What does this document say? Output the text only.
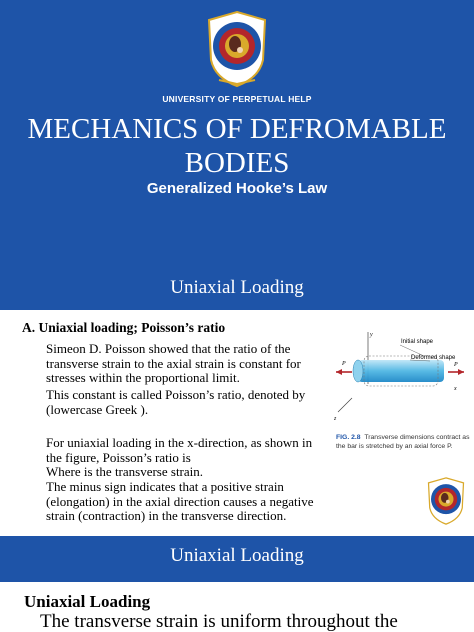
UNIVERSITY OF PERPETUAL HELP
MECHANICS OF DEFROMABLE
BODIES
Generalized Hooke’s Law
Uniaxial Loading
A. Uniaxial loading; Poisson’s ratio

Simeon D. Poisson showed that the ratio of the
transverse strain to the axial strain is constant for
stresses within the proportional limit.

This constant is called Poisson’s ratio, denoted by
(lowercase Greek ).

For uniaxial loading in the x-direction, as shown in
the figure, Poisson’s ratio is

Where is the transverse strain.

The minus sign indicates that a positive strain
(elongation) in the axial direction causes a negative
strain (contraction) in the transverse direction.

y
z
x
P	P
Initial shape
Deformed shape
FIG. 2.8 Transverse dimensions contract as the bar is stretched by an axial force P.
Uniaxial Loading
Uniaxial Loading
The transverse strain is uniform throughout the
